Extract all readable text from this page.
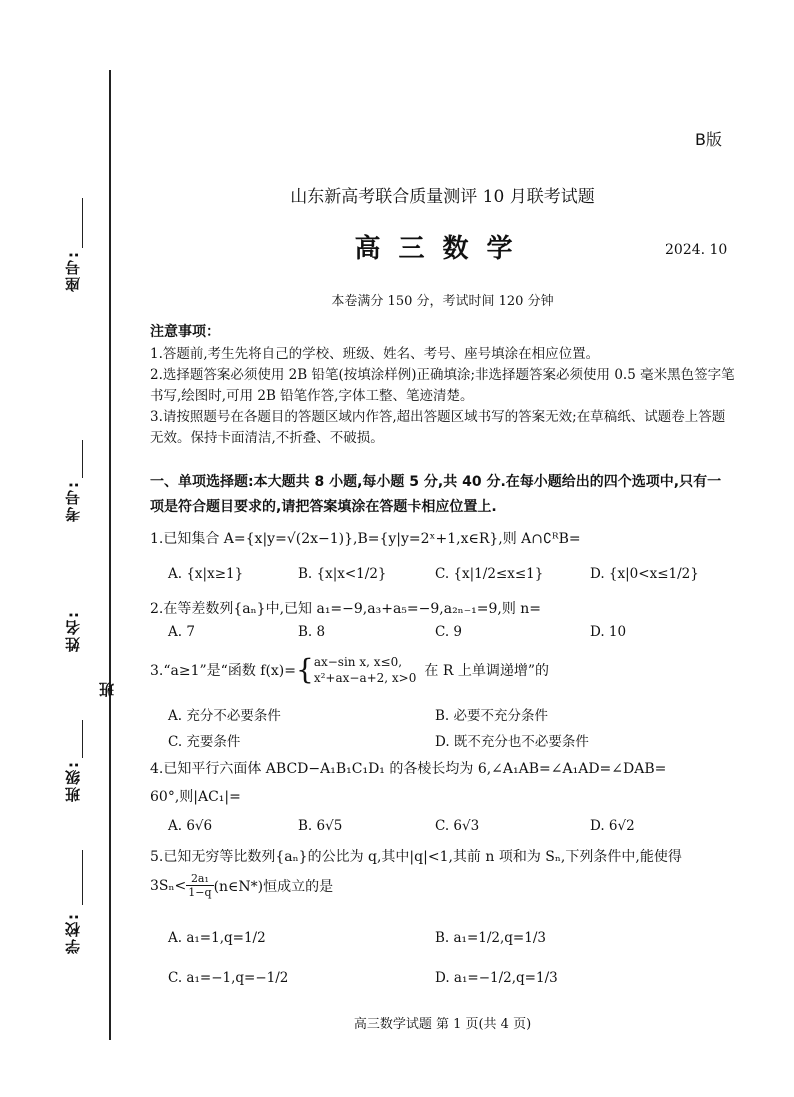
座号:
考号:
姓名:
班
班级:
学校:
B版
山东新高考联合质量测评 10 月联考试题
高三数学	2024. 10
本卷满分 150 分，考试时间 120 分钟
注意事项：
1.答题前,考生先将自己的学校、班级、姓名、考号、座号填涂在相应位置。
2.选择题答案必须使用 2B 铅笔(按填涂样例)正确填涂;非选择题答案必须使用 0.5 毫米黑色签字笔书写,绘图时,可用 2B 铅笔作答,字体工整、笔迹清楚。
3.请按照题号在各题目的答题区域内作答,超出答题区域书写的答案无效;在草稿纸、试题卷上答题无效。保持卡面清洁,不折叠、不破损。
一、单项选择题:本大题共 8 小题,每小题 5 分,共 40 分.在每小题给出的四个选项中,只有一项是符合题目要求的,请把答案填涂在答题卡相应位置上.
1.已知集合 A={x|y=√(2x−1)},B={y|y=2ˣ+1,x∈R},则 A∩∁ᴿB=
A. {x|x≥1}	B. {x|x<1/2}	C. {x|1/2≤x≤1}	D. {x|0<x≤1/2}
2.在等差数列{aₙ}中,已知 a₁=−9,a₃+a₅=−9,a₂ₙ₋₁=9,则 n=
A. 7	B. 8	C. 9	D. 10
3.“a≥1”是“函数 f(x)= { ax−sin x, x≤0,
x²+ax−a+2, x>0 在 R 上单调递增”的
A. 充分不必要条件	B. 必要不充分条件
C. 充要条件	D. 既不充分也不必要条件
4.已知平行六面体 ABCD−A₁B₁C₁D₁ 的各棱长均为 6,∠A₁AB=∠A₁AD=∠DAB=
60°,则|AC₁|=
A. 6√6	B. 6√5	C. 6√3	D. 6√2
5.已知无穷等比数列{aₙ}的公比为 q,其中|q|<1,其前 n 项和为 Sₙ,下列条件中,能使得
$3S_n< \frac{\text{2a₁}}{1-q}$ (n∈N*)恒成立的是
A. a₁=1,q=1/2	B. a₁=1/2,q=1/3
C. a₁=−1,q=−1/2	D. a₁=−1/2,q=1/3
高三数学试题 第 1 页(共 4 页)
